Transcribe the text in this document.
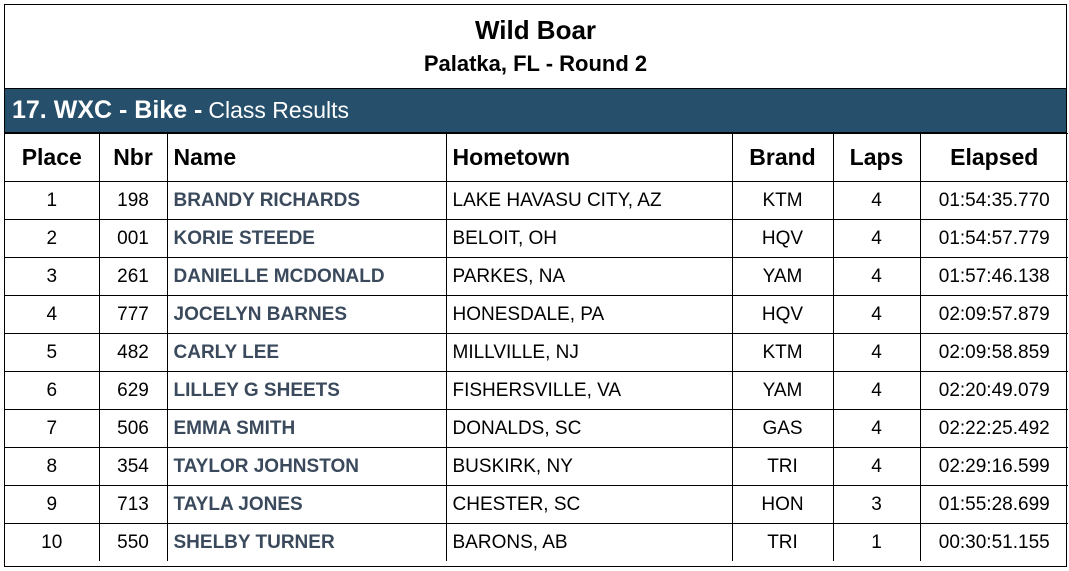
Wild Boar
Palatka, FL - Round 2
17. WXC - Bike - Class Results
Place	Nbr	Name	Hometown	Brand	Laps	Elapsed
1	198	BRANDY RICHARDS	LAKE HAVASU CITY, AZ	KTM	4	01:54:35.770
2	001	KORIE STEEDE	BELOIT, OH	HQV	4	01:54:57.779
3	261	DANIELLE MCDONALD	PARKES, NA	YAM	4	01:57:46.138
4	777	JOCELYN BARNES	HONESDALE, PA	HQV	4	02:09:57.879
5	482	CARLY LEE	MILLVILLE, NJ	KTM	4	02:09:58.859
6	629	LILLEY G SHEETS	FISHERSVILLE, VA	YAM	4	02:20:49.079
7	506	EMMA SMITH	DONALDS, SC	GAS	4	02:22:25.492
8	354	TAYLOR JOHNSTON	BUSKIRK, NY	TRI	4	02:29:16.599
9	713	TAYLA JONES	CHESTER, SC	HON	3	01:55:28.699
10	550	SHELBY TURNER	BARONS, AB	TRI	1	00:30:51.155
